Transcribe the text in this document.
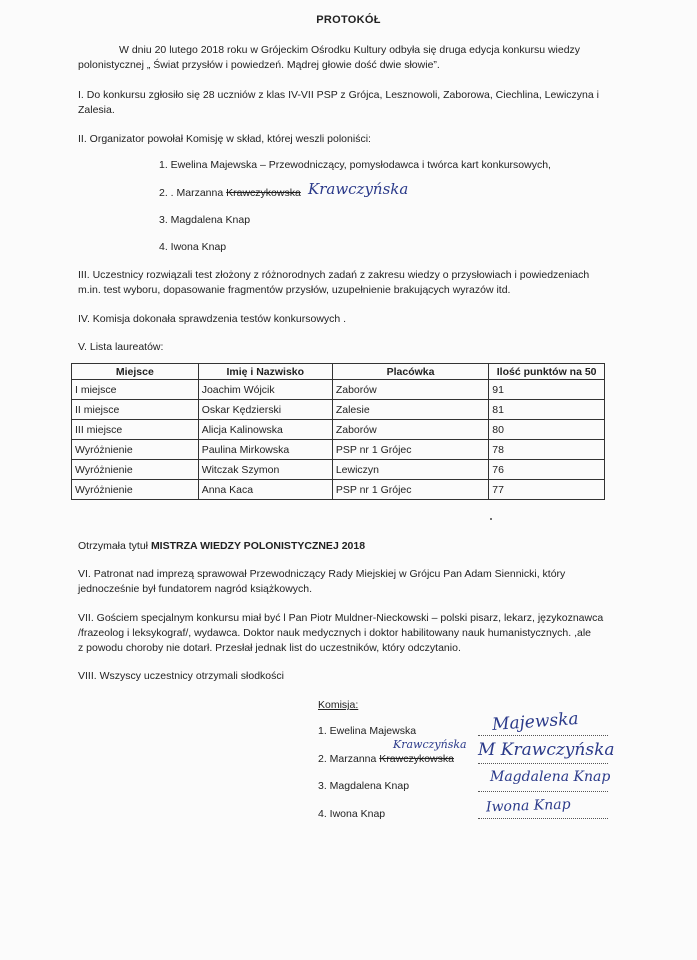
PROTOKÓŁ
W dniu 20 lutego 2018 roku w Grójeckim Ośrodku Kultury odbyła się druga edycja konkursu wiedzy
polonistycznej „ Świat przysłów i powiedzeń. Mądrej głowie dość dwie słowie”.
I. Do konkursu zgłosiło się 28 uczniów z klas IV-VII PSP z Grójca, Lesznowoli, Zaborowa, Ciechlina, Lewiczyna i
Zalesia.
II. Organizator powołał Komisję w skład, której weszli poloniści:
1. Ewelina Majewska – Przewodniczący, pomysłodawca i twórca kart konkursowych,
2. . Marzanna Krawczykowska Krawczyńska
3. Magdalena Knap
4. Iwona Knap
III. Uczestnicy rozwiązali test złożony z różnorodnych zadań z zakresu wiedzy o przysłowiach i powiedzeniach
m.in. test wyboru, dopasowanie fragmentów przysłów, uzupełnienie brakujących wyrazów itd.
IV. Komisja dokonała sprawdzenia testów konkursowych .
V. Lista laureatów:
Miejsce	Imię i Nazwisko	Placówka	Ilość punktów na 50
I miejsce	Joachim Wójcik	Zaborów	91
II miejsce	Oskar Kędzierski	Zalesie	81
III miejsce	Alicja Kalinowska	Zaborów	80
Wyróżnienie	Paulina Mirkowska	PSP nr 1 Grójec	78
Wyróżnienie	Witczak Szymon	Lewiczyn	76
Wyróżnienie	Anna Kaca	PSP nr 1 Grójec	77
Otrzymała tytuł MISTRZA WIEDZY POLONISTYCZNEJ 2018
VI. Patronat nad imprezą sprawował Przewodniczący Rady Miejskiej w Grójcu Pan Adam Siennicki, który
jednocześnie był fundatorem nagród książkowych.
VII. Gościem specjalnym konkursu miał być l Pan Piotr Muldner-Nieckowski – polski pisarz, lekarz, językoznawca
/frazeolog i leksykograf/, wydawca. Doktor nauk medycznych i doktor habilitowany nauk humanistycznych. ,ale
z powodu choroby nie dotarł. Przesłał jednak list do uczestników, który odczytanio.
VIII. Wszyscy uczestnicy otrzymali słodkości
Komisja:
1. Ewelina Majewska
Krawczyńska
2. Marzanna Krawczykowska
3. Magdalena Knap
4. Iwona Knap
Majewska
M Krawczyńska
Magdalena Knap
Iwona Knap
